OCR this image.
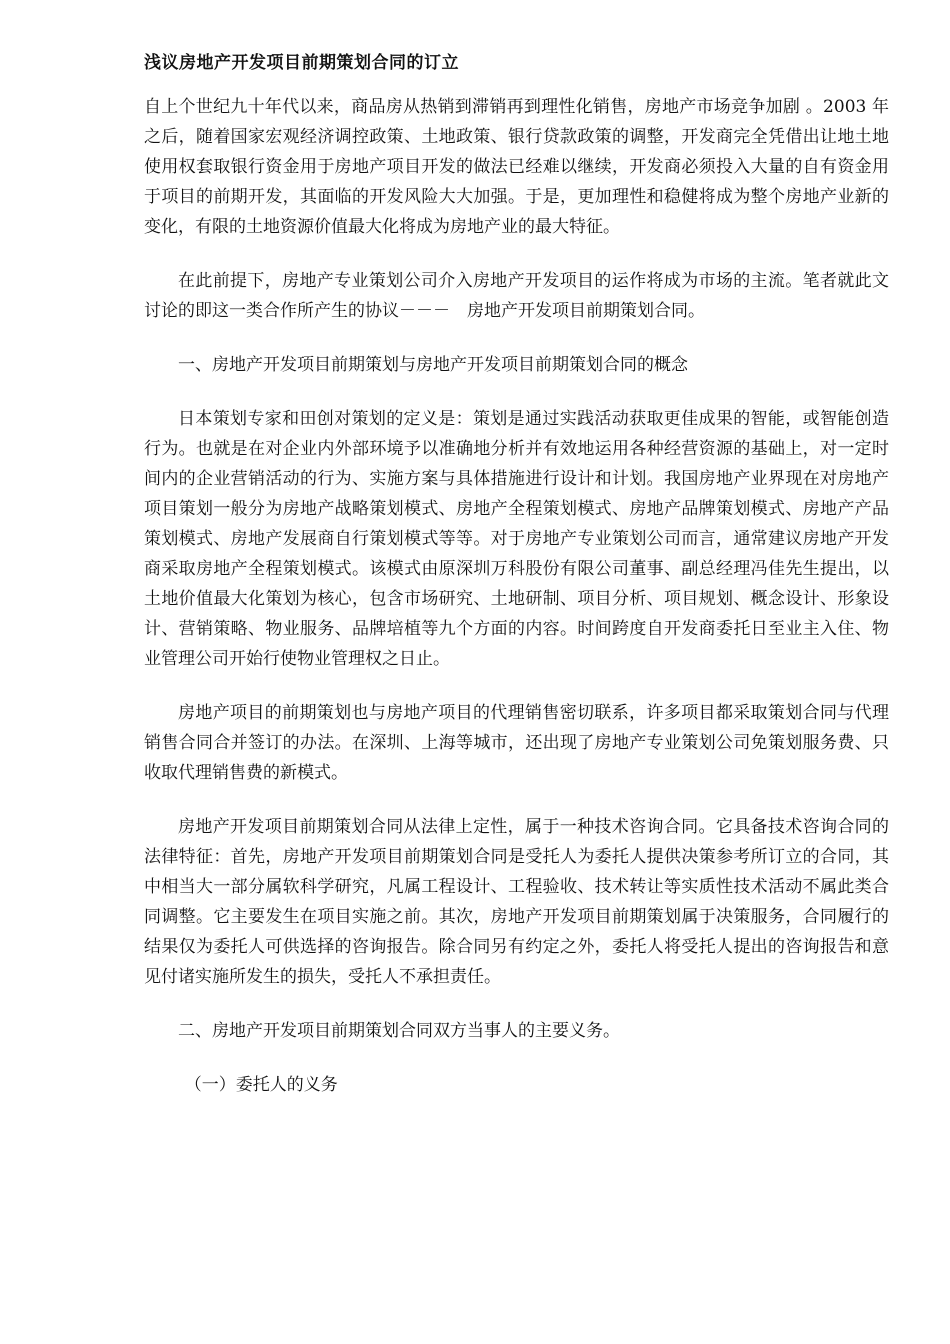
浅议房地产开发项目前期策划合同的订立

自上个世纪九十年代以来，商品房从热销到滞销再到理性化销售，房地产市场竞争加剧 。2003 年之后，随着国家宏观经济调控政策、土地政策、银行贷款政策的调整，开发商完全凭借出让地土地使用权套取银行资金用于房地产项目开发的做法已经难以继续，开发商必须投入大量的自有资金用于项目的前期开发，其面临的开发风险大大加强。于是，更加理性和稳健将成为整个房地产业新的变化，有限的土地资源价值最大化将成为房地产业的最大特征。

在此前提下，房地产专业策划公司介入房地产开发项目的运作将成为市场的主流。笔者就此文讨论的即这一类合作所产生的协议－－－　房地产开发项目前期策划合同。

一、房地产开发项目前期策划与房地产开发项目前期策划合同的概念

日本策划专家和田创对策划的定义是：策划是通过实践活动获取更佳成果的智能，或智能创造行为。也就是在对企业内外部环境予以准确地分析并有效地运用各种经营资源的基础上，对一定时间内的企业营销活动的行为、实施方案与具体措施进行设计和计划。我国房地产业界现在对房地产项目策划一般分为房地产战略策划模式、房地产全程策划模式、房地产品牌策划模式、房地产产品策划模式、房地产发展商自行策划模式等等。对于房地产专业策划公司而言，通常建议房地产开发商采取房地产全程策划模式。该模式由原深圳万科股份有限公司董事、副总经理冯佳先生提出，以土地价值最大化策划为核心，包含市场研究、土地研制、项目分析、项目规划、概念设计、形象设计、营销策略、物业服务、品牌培植等九个方面的内容。时间跨度自开发商委托日至业主入住、物业管理公司开始行使物业管理权之日止。

房地产项目的前期策划也与房地产项目的代理销售密切联系，许多项目都采取策划合同与代理销售合同合并签订的办法。在深圳、上海等城市，还出现了房地产专业策划公司免策划服务费、只收取代理销售费的新模式。

房地产开发项目前期策划合同从法律上定性，属于一种技术咨询合同。它具备技术咨询合同的法律特征：首先，房地产开发项目前期策划合同是受托人为委托人提供决策参考所订立的合同，其中相当大一部分属软科学研究，凡属工程设计、工程验收、技术转让等实质性技术活动不属此类合同调整。它主要发生在项目实施之前。其次，房地产开发项目前期策划属于决策服务，合同履行的结果仅为委托人可供选择的咨询报告。除合同另有约定之外，委托人将受托人提出的咨询报告和意见付诸实施所发生的损失，受托人不承担责任。

二、房地产开发项目前期策划合同双方当事人的主要义务。

（一）委托人的义务
